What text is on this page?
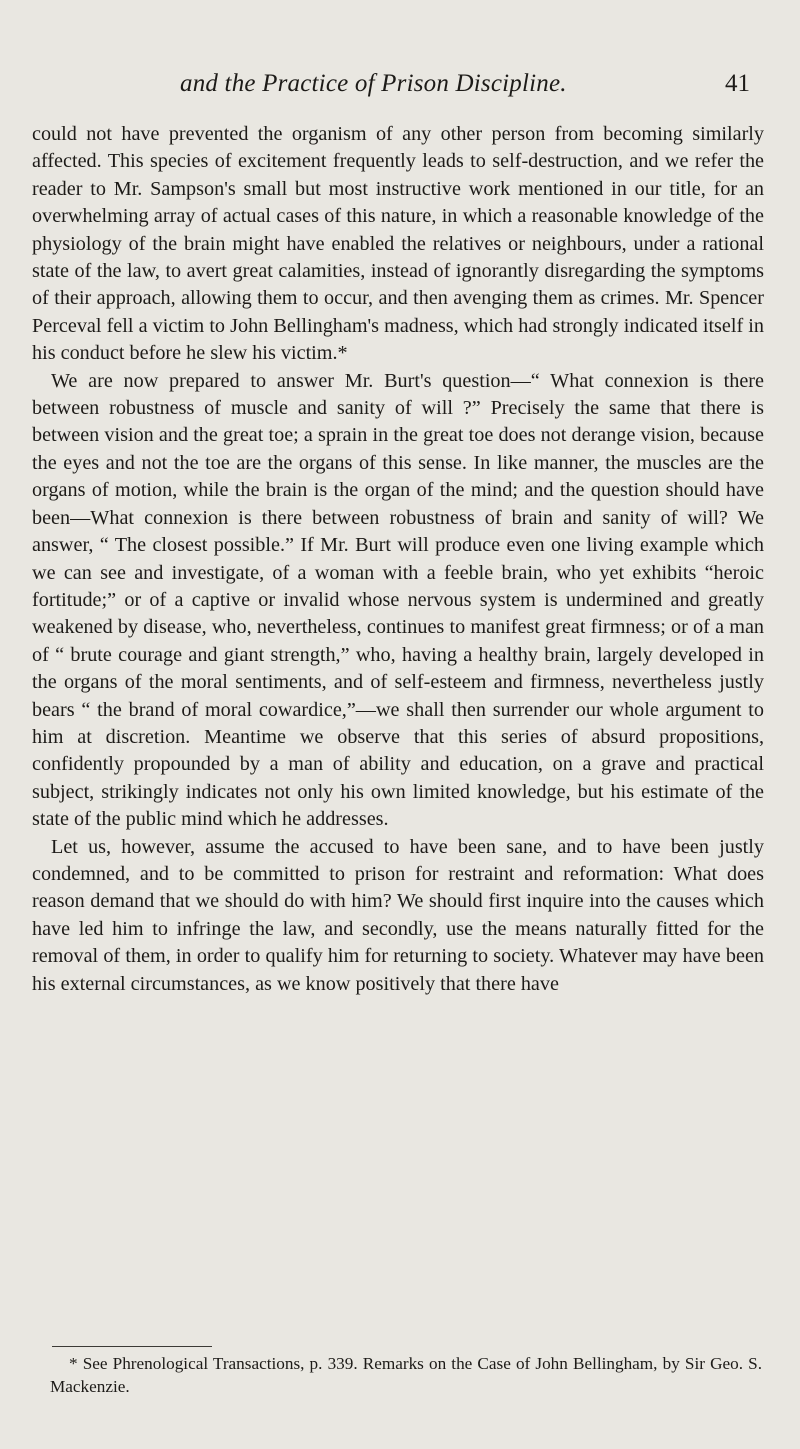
and the Practice of Prison Discipline.	41

could not have prevented the organism of any other person from becoming similarly affected. This species of excitement frequently leads to self-destruction, and we refer the reader to Mr. Sampson's small but most instructive work mentioned in our title, for an overwhelming array of actual cases of this nature, in which a reasonable knowledge of the physiology of the brain might have enabled the relatives or neighbours, under a rational state of the law, to avert great calamities, instead of ignorantly disregarding the symptoms of their approach, allowing them to occur, and then avenging them as crimes. Mr. Spencer Perceval fell a victim to John Bellingham's madness, which had strongly indicated itself in his conduct before he slew his victim.*

We are now prepared to answer Mr. Burt's question—“ What connexion is there between robustness of muscle and sanity of will ?” Precisely the same that there is between vision and the great toe; a sprain in the great toe does not derange vision, because the eyes and not the toe are the organs of this sense. In like manner, the muscles are the organs of motion, while the brain is the organ of the mind; and the question should have been—What connexion is there between robustness of brain and sanity of will? We answer, “ The closest possible.” If Mr. Burt will produce even one living example which we can see and investigate, of a woman with a feeble brain, who yet exhibits “heroic fortitude;” or of a captive or invalid whose nervous system is undermined and greatly weakened by disease, who, nevertheless, continues to manifest great firmness; or of a man of “ brute courage and giant strength,” who, having a healthy brain, largely developed in the organs of the moral sentiments, and of self-esteem and firmness, nevertheless justly bears “ the brand of moral cowardice,”—we shall then surrender our whole argument to him at discretion. Meantime we observe that this series of absurd propositions, confidently propounded by a man of ability and education, on a grave and practical subject, strikingly indicates not only his own limited knowledge, but his estimate of the state of the public mind which he addresses.

Let us, however, assume the accused to have been sane, and to have been justly condemned, and to be committed to prison for restraint and reformation: What does reason demand that we should do with him? We should first inquire into the causes which have led him to infringe the law, and secondly, use the means naturally fitted for the removal of them, in order to qualify him for returning to society. Whatever may have been his external circumstances, as we know positively that there have

* See Phrenological Transactions, p. 339. Remarks on the Case of John Bellingham, by Sir Geo. S. Mackenzie.
